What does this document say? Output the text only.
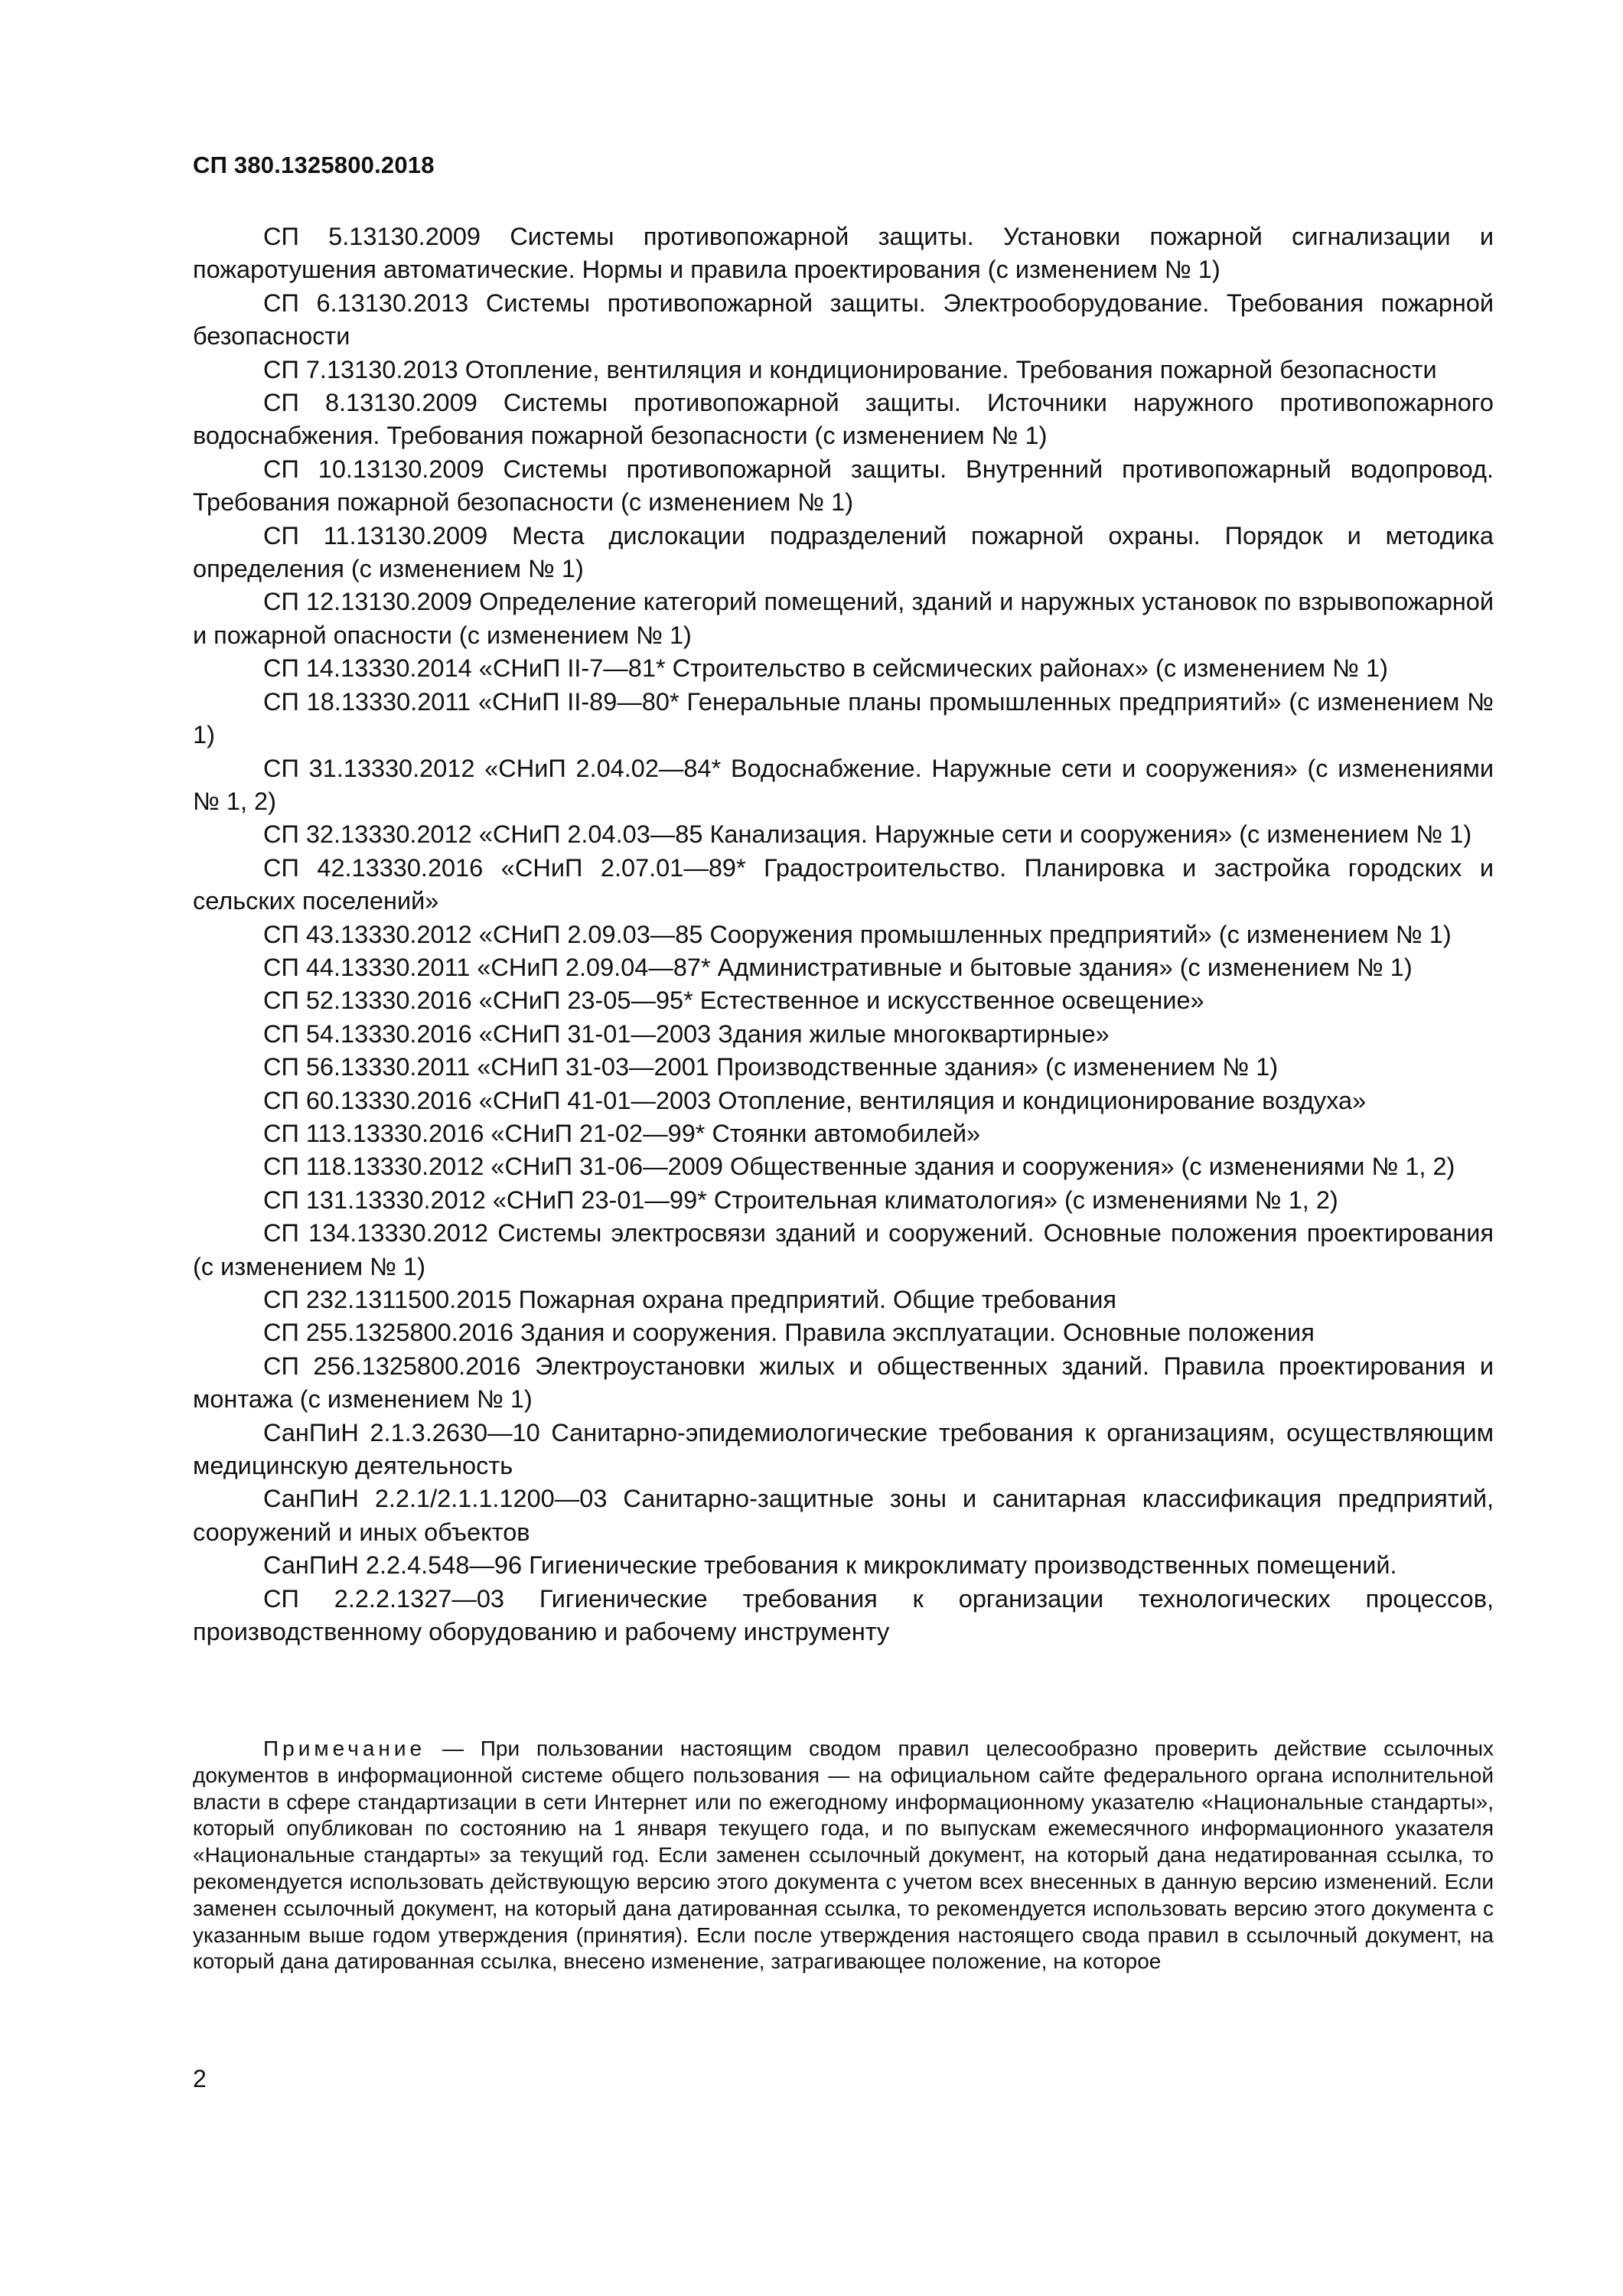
СП 380.1325800.2018

СП 5.13130.2009 Системы противопожарной защиты. Установки пожарной сигнализации и пожаротушения автоматические. Нормы и правила проектирования (с изменением № 1)

СП 6.13130.2013 Системы противопожарной защиты. Электрооборудование. Требования пожарной безопасности

СП 7.13130.2013 Отопление, вентиляция и кондиционирование. Требования пожарной безопасности

СП 8.13130.2009 Системы противопожарной защиты. Источники наружного противопожарного водоснабжения. Требования пожарной безопасности (с изменением № 1)

СП 10.13130.2009 Системы противопожарной защиты. Внутренний противопожарный водопровод. Требования пожарной безопасности (с изменением № 1)

СП 11.13130.2009 Места дислокации подразделений пожарной охраны. Порядок и методика определения (с изменением № 1)

СП 12.13130.2009 Определение категорий помещений, зданий и наружных установок по взрывопожарной и пожарной опасности (с изменением № 1)

СП 14.13330.2014 «СНиП II-7—81* Строительство в сейсмических районах» (с изменением № 1)

СП 18.13330.2011 «СНиП II-89—80* Генеральные планы промышленных предприятий» (с изменением № 1)

СП 31.13330.2012 «СНиП 2.04.02—84* Водоснабжение. Наружные сети и сооружения» (с изменениями № 1, 2)

СП 32.13330.2012 «СНиП 2.04.03—85 Канализация. Наружные сети и сооружения» (с изменением № 1)

СП 42.13330.2016 «СНиП 2.07.01—89* Градостроительство. Планировка и застройка городских и сельских поселений»

СП 43.13330.2012 «СНиП 2.09.03—85 Сооружения промышленных предприятий» (с изменением № 1)

СП 44.13330.2011 «СНиП 2.09.04—87* Административные и бытовые здания» (с изменением № 1)

СП 52.13330.2016 «СНиП 23-05—95* Естественное и искусственное освещение»

СП 54.13330.2016 «СНиП 31-01—2003 Здания жилые многоквартирные»

СП 56.13330.2011 «СНиП 31-03—2001 Производственные здания» (с изменением № 1)

СП 60.13330.2016 «СНиП 41-01—2003 Отопление, вентиляция и кондиционирование воздуха»

СП 113.13330.2016 «СНиП 21-02—99* Стоянки автомобилей»

СП 118.13330.2012 «СНиП 31-06—2009 Общественные здания и сооружения» (с изменениями № 1, 2)

СП 131.13330.2012 «СНиП 23-01—99* Строительная климатология» (с изменениями № 1, 2)

СП 134.13330.2012 Системы электросвязи зданий и сооружений. Основные положения проектирования (с изменением № 1)

СП 232.1311500.2015 Пожарная охрана предприятий. Общие требования

СП 255.1325800.2016 Здания и сооружения. Правила эксплуатации. Основные положения

СП 256.1325800.2016 Электроустановки жилых и общественных зданий. Правила проектирования и монтажа (с изменением № 1)

СанПиН 2.1.3.2630—10 Санитарно-эпидемиологические требования к организациям, осуществляющим медицинскую деятельность

СанПиН 2.2.1/2.1.1.1200—03 Санитарно-защитные зоны и санитарная классификация предприятий, сооружений и иных объектов

СанПиН 2.2.4.548—96 Гигиенические требования к микроклимату производственных помещений.

СП 2.2.2.1327—03 Гигиенические требования к организации технологических процессов, производственному оборудованию и рабочему инструменту

Примечание — При пользовании настоящим сводом правил целесообразно проверить действие ссылочных документов в информационной системе общего пользования — на официальном сайте федерального органа исполнительной власти в сфере стандартизации в сети Интернет или по ежегодному информационному указателю «Национальные стандарты», который опубликован по состоянию на 1 января текущего года, и по выпускам ежемесячного информационного указателя «Национальные стандарты» за текущий год. Если заменен ссылочный документ, на который дана недатированная ссылка, то рекомендуется использовать действующую версию этого документа с учетом всех внесенных в данную версию изменений. Если заменен ссылочный документ, на который дана датированная ссылка, то рекомендуется использовать версию этого документа с указанным выше годом утверждения (принятия). Если после утверждения настоящего свода правил в ссылочный документ, на который дана датированная ссылка, внесено изменение, затрагивающее положение, на которое

2
